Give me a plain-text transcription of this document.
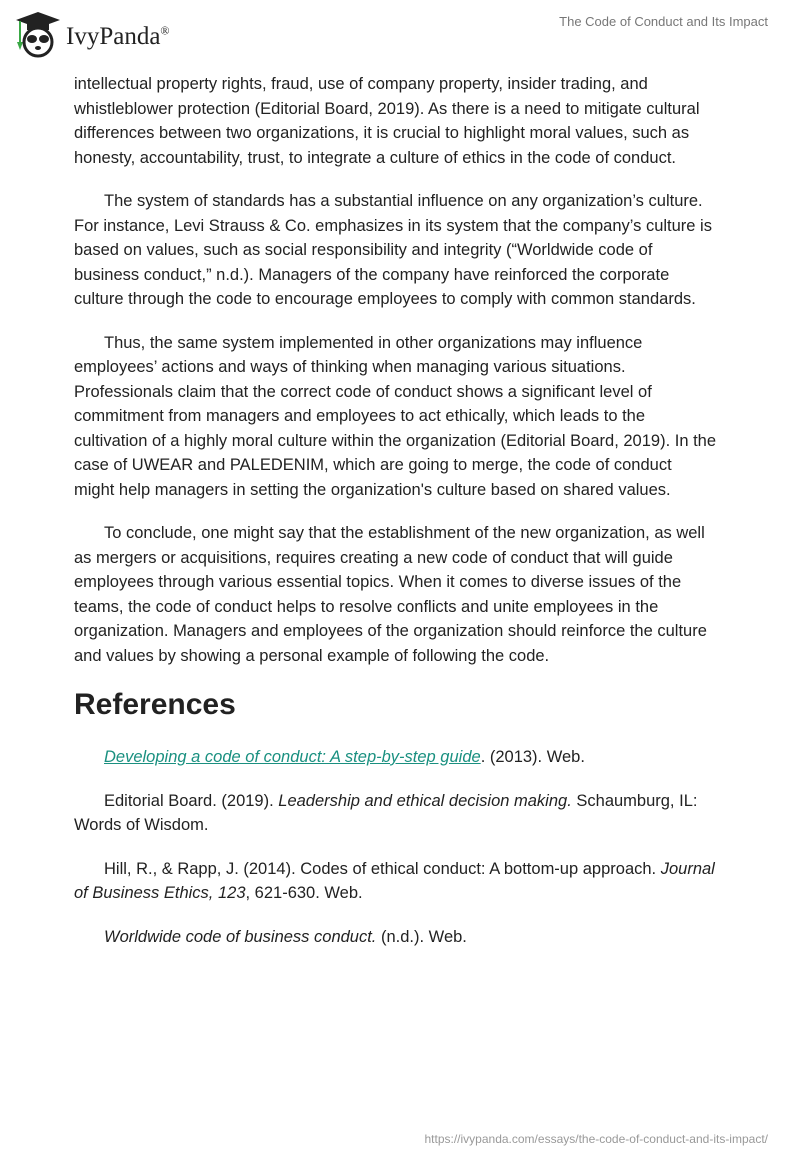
IvyPanda®
The Code of Conduct and Its Impact

intellectual property rights, fraud, use of company property, insider trading, and
whistleblower protection (Editorial Board, 2019). As there is a need to mitigate cultural
differences between two organizations, it is crucial to highlight moral values, such as
honesty, accountability, trust, to integrate a culture of ethics in the code of conduct.

The system of standards has a substantial influence on any organization’s culture.
For instance, Levi Strauss & Co. emphasizes in its system that the company’s culture is
based on values, such as social responsibility and integrity (“Worldwide code of
business conduct,” n.d.). Managers of the company have reinforced the corporate
culture through the code to encourage employees to comply with common standards.

Thus, the same system implemented in other organizations may influence
employees’ actions and ways of thinking when managing various situations.
Professionals claim that the correct code of conduct shows a significant level of
commitment from managers and employees to act ethically, which leads to the
cultivation of a highly moral culture within the organization (Editorial Board, 2019). In the
case of UWEAR and PALEDENIM, which are going to merge, the code of conduct
might help managers in setting the organization's culture based on shared values.

To conclude, one might say that the establishment of the new organization, as well
as mergers or acquisitions, requires creating a new code of conduct that will guide
employees through various essential topics. When it comes to diverse issues of the
teams, the code of conduct helps to resolve conflicts and unite employees in the
organization. Managers and employees of the organization should reinforce the culture
and values by showing a personal example of following the code.

References
Developing a code of conduct: A step-by-step guide. (2013). Web.
Editorial Board. (2019). Leadership and ethical decision making. Schaumburg, IL:
Words of Wisdom.
Hill, R., & Rapp, J. (2014). Codes of ethical conduct: A bottom-up approach. Journal
of Business Ethics, 123, 621-630. Web.
Worldwide code of business conduct. (n.d.). Web.
https://ivypanda.com/essays/the-code-of-conduct-and-its-impact/
